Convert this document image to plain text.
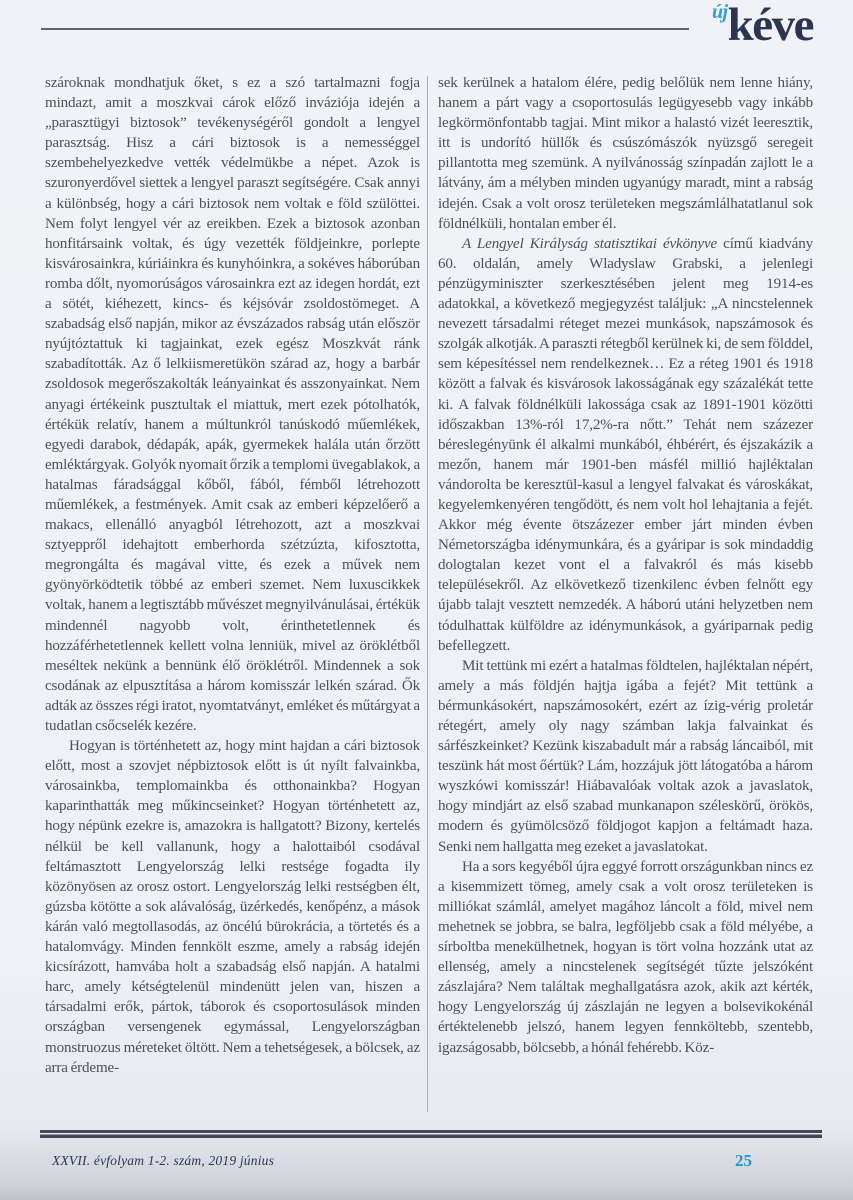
újkéve

szároknak mondhatjuk őket, s ez a szó tartalmazni fogja mindazt, amit a moszkvai cárok előző inváziója idején a „parasztügyi biztosok” tevékenységéről gondolt a lengyel parasztság. Hisz a cári biztosok is a nemességgel szembehelyezkedve vették védelmükbe a népet. Azok is szuronyerdővel siettek a lengyel paraszt segítségére. Csak annyi a különbség, hogy a cári biztosok nem voltak e föld szülöttei. Nem folyt lengyel vér az ereikben. Ezek a biztosok azonban honfitársaink voltak, és úgy vezették földjeinkre, porlepte kisvárosainkra, kúriáinkra és kunyhóinkra, a sokéves háborúban romba dőlt, nyomorúságos városainkra ezt az idegen hordát, ezt a sötét, kiéhezett, kincs- és kéjsóvár zsoldostömeget. A szabadság első napján, mikor az évszázados rabság után először nyújtóztattuk ki tagjainkat, ezek egész Moszkvát ránk szabadították. Az ő lelkiismeretükön szárad az, hogy a barbár zsoldosok megerőszakolták leányainkat és asszonyainkat. Nem anyagi értékeink pusztultak el miattuk, mert ezek pótolhatók, értékük relatív, hanem a múltunkról tanúskodó műemlékek, egyedi darabok, dédapák, apák, gyermekek halála után őrzött emléktárgyak. Golyók nyomait őrzik a templomi üvegablakok, a hatalmas fáradsággal kőből, fából, fémből létrehozott műemlékek, a festmények. Amit csak az emberi képzelőerő a makacs, ellenálló anyagból létrehozott, azt a moszkvai sztyeppről idehajtott emberhorda szétzúzta, kifosztotta, megrongálta és magával vitte, és ezek a művek nem gyönyörködtetik többé az emberi szemet. Nem luxuscikkek voltak, hanem a legtisztább művészet megnyilvánulásai, értékük mindennél nagyobb volt, érinthetetlennek és hozzáférhetetlennek kellett volna lenniük, mivel az öröklétből meséltek nekünk a bennünk élő öröklétről. Mindennek a sok csodának az elpusztítása a három komisszár lelkén szárad. Ők adták az összes régi iratot, nyomtatványt, emléket és műtárgyat a tudatlan csőcselék kezére.

Hogyan is történhetett az, hogy mint hajdan a cári biztosok előtt, most a szovjet népbiztosok előtt is út nyílt falvainkba, városainkba, templomainkba és otthonainkba? Hogyan kaparinthatták meg műkincseinket? Hogyan történhetett az, hogy népünk ezekre is, amazokra is hallgatott? Bizony, kertelés nélkül be kell vallanunk, hogy a halottaiból csodával feltámasztott Lengyelország lelki restsége fogadta ily közönyösen az orosz ostort. Lengyelország lelki restségben élt, gúzsba kötötte a sok alávalóság, üzérkedés, kenőpénz, a mások kárán való megtollasodás, az öncélú bürokrácia, a törtetés és a hatalomvágy. Minden fennkölt eszme, amely a rabság idején kicsírázott, hamvába holt a szabadság első napján. A hatalmi harc, amely kétségtelenül mindenütt jelen van, hiszen a társadalmi erők, pártok, táborok és csoportosulások minden országban versengenek egymással, Lengyelországban monstruozus méreteket öltött. Nem a tehetségesek, a bölcsek, az arra érdeme-

sek kerülnek a hatalom élére, pedig belőlük nem lenne hiány, hanem a párt vagy a csoportosulás legügyesebb vagy inkább legkörmönfontabb tagjai. Mint mikor a halastó vizét leeresztik, itt is undorító hüllők és csúszómászók nyüzsgő seregeit pillantotta meg szemünk. A nyilvánosság színpadán zajlott le a látvány, ám a mélyben minden ugyanúgy maradt, mint a rabság idején. Csak a volt orosz területeken megszámlálhatatlanul sok földnélküli, hontalan ember él.

A Lengyel Királyság statisztikai évkönyve című kiadvány 60. oldalán, amely Wladyslaw Grabski, a jelenlegi pénzügyminiszter szerkesztésében jelent meg 1914-es adatokkal, a következő megjegyzést találjuk: „A nincstelennek nevezett társadalmi réteget mezei munkások, napszámosok és szolgák alkotják. A paraszti rétegből kerülnek ki, de sem földdel, sem képesítéssel nem rendelkeznek… Ez a réteg 1901 és 1918 között a falvak és kisvárosok lakosságának egy százalékát tette ki. A falvak földnélküli lakossága csak az 1891-1901 közötti időszakban 13%-ról 17,2%-ra nőtt.” Tehát nem százezer béreslegényünk él alkalmi munkából, éhbérért, és éjszakázik a mezőn, hanem már 1901-ben másfél millió hajléktalan vándorolta be keresztül-kasul a lengyel falvakat és városkákat, kegyelemkenyéren tengődött, és nem volt hol lehajtania a fejét. Akkor még évente ötszázezer ember járt minden évben Németországba idénymunkára, és a gyáripar is sok mindaddig dologtalan kezet vont el a falvakról és más kisebb településekről. Az elkövetkező tizenkilenc évben felnőtt egy újabb talajt vesztett nemzedék. A háború utáni helyzetben nem tódulhattak külföldre az idénymunkások, a gyáriparnak pedig befellegzett.

Mit tettünk mi ezért a hatalmas földtelen, hajléktalan népért, amely a más földjén hajtja igába a fejét? Mit tettünk a bérmunkásokért, napszámosokért, ezért az ízig-vérig proletár rétegért, amely oly nagy számban lakja falvainkat és sárfészkeinket? Kezünk kiszabadult már a rabság láncaiból, mit teszünk hát most őértük? Lám, hozzájuk jött látogatóba a három wyszkówi komisszár! Hiábavalóak voltak azok a javaslatok, hogy mindjárt az első szabad munkanapon széleskörű, örökös, modern és gyümölcsöző földjogot kapjon a feltámadt haza. Senki nem hallgatta meg ezeket a javaslatokat.

Ha a sors kegyéből újra eggyé forrott országunkban nincs ez a kisemmizett tömeg, amely csak a volt orosz területeken is milliókat számlál, amelyet magához láncolt a föld, mivel nem mehetnek se jobbra, se balra, legföljebb csak a föld mélyébe, a sírboltba menekülhetnek, hogyan is tört volna hozzánk utat az ellenség, amely a nincstelenek segítségét tűzte jelszóként zászlajára? Nem találtak meghallgatásra azok, akik azt kérték, hogy Lengyelország új zászlaján ne legyen a bolsevikokénál értéktelenebb jelszó, hanem legyen fennköltebb, szentebb, igazságosabb, bölcsebb, a hónál fehérebb. Köz-

XXVII. évfolyam 1-2. szám, 2019 június	25
